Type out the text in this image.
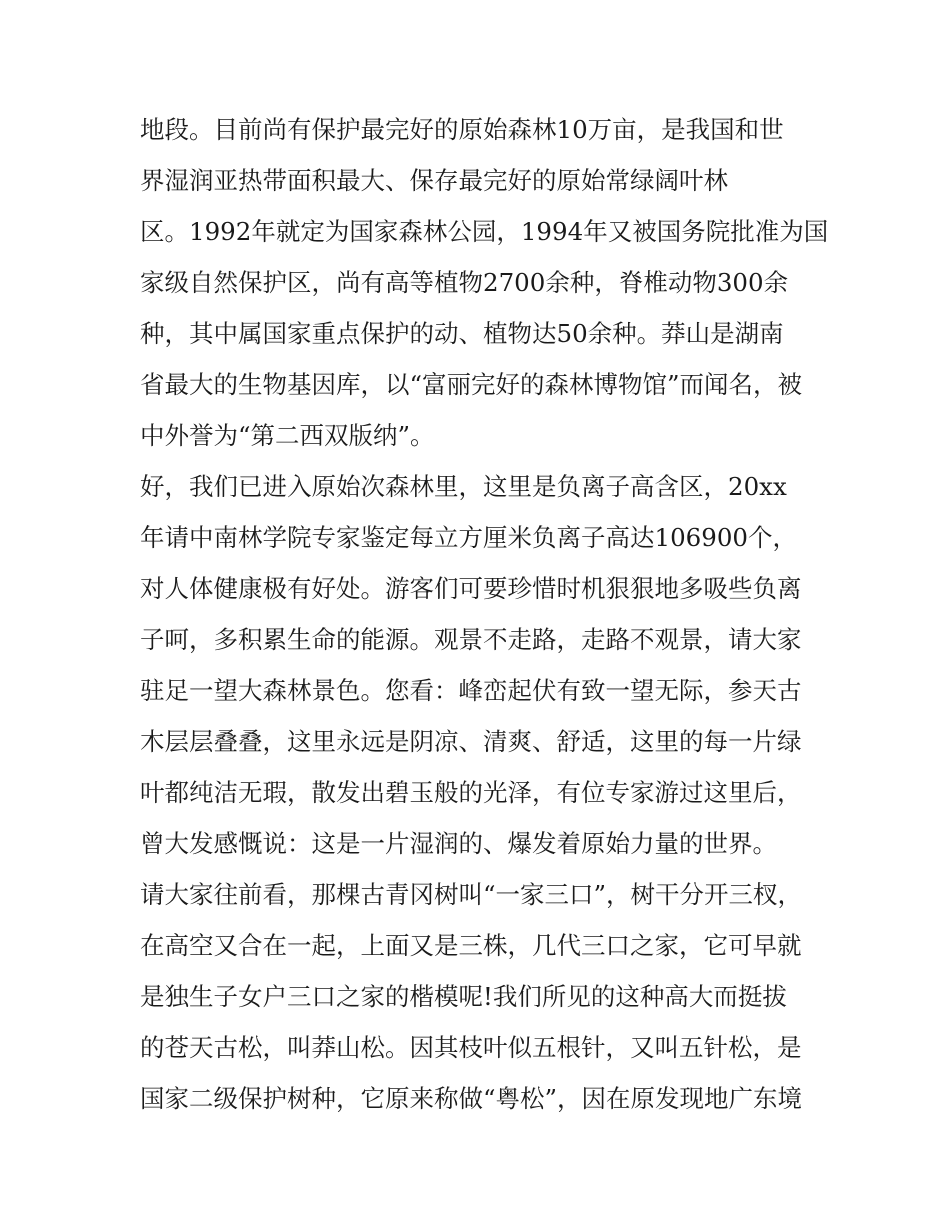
地段。目前尚有保护最完好的原始森林10万亩，是我国和世
界湿润亚热带面积最大、保存最完好的原始常绿阔叶林
区。1992年就定为国家森林公园，1994年又被国务院批准为国
家级自然保护区，尚有高等植物2700余种，脊椎动物300余
种，其中属国家重点保护的动、植物达50余种。莽山是湖南
省最大的生物基因库，以“富丽完好的森林博物馆”而闻名，被
中外誉为“第二西双版纳”。
好，我们已进入原始次森林里，这里是负离子高含区，20xx
年请中南林学院专家鉴定每立方厘米负离子高达106900个，
对人体健康极有好处。游客们可要珍惜时机狠狠地多吸些负离
子呵，多积累生命的能源。观景不走路，走路不观景，请大家
驻足一望大森林景色。您看：峰峦起伏有致一望无际，参天古
木层层叠叠，这里永远是阴凉、清爽、舒适，这里的每一片绿
叶都纯洁无瑕，散发出碧玉般的光泽，有位专家游过这里后，
曾大发感慨说：这是一片湿润的、爆发着原始力量的世界。
请大家往前看，那棵古青冈树叫“一家三口”，树干分开三杈，
在高空又合在一起，上面又是三株，几代三口之家，它可早就
是独生子女户三口之家的楷模呢!我们所见的这种高大而挺拔
的苍天古松，叫莽山松。因其枝叶似五根针，又叫五针松，是
国家二级保护树种，它原来称做“粤松”，因在原发现地广东境
